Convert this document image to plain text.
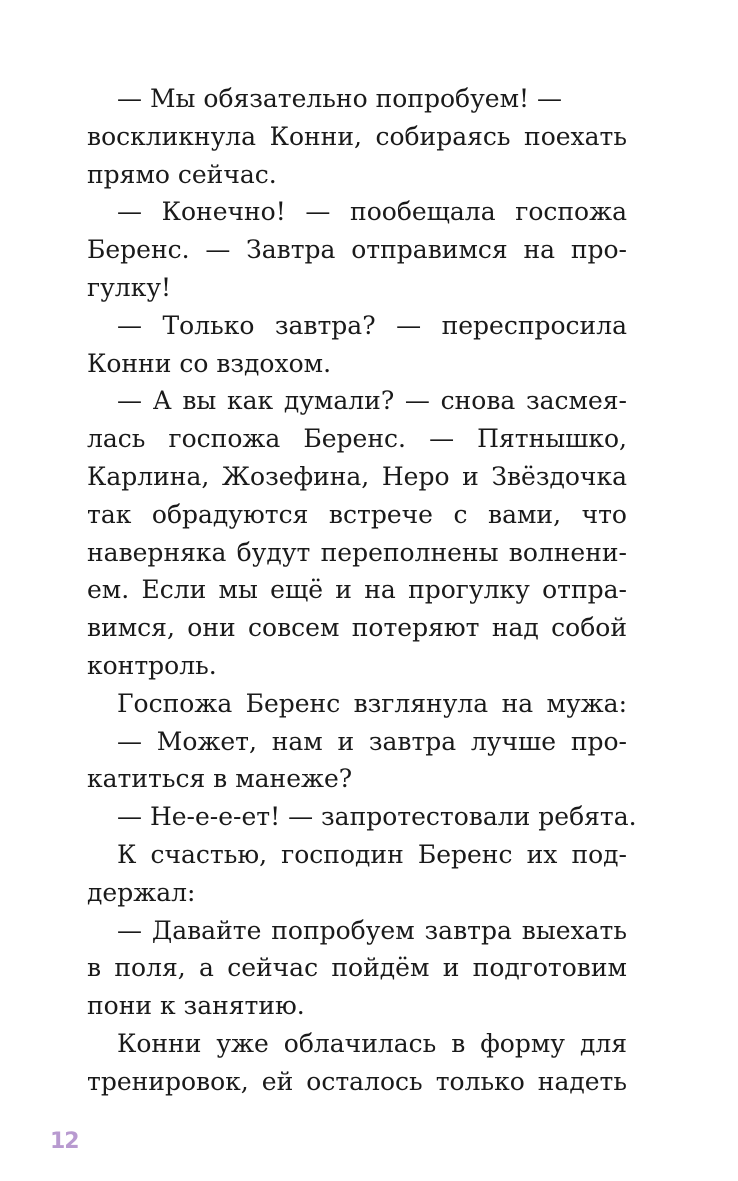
— Мы обязательно попробуем! —
воскликнула Конни, собираясь поехать
прямо сейчас.
— Конечно! — пообещала госпожа
Беренс. — Завтра отправимся на про-
гулку!
— Только завтра? — переспросила
Конни со вздохом.
— А вы как думали? — снова засмея-
лась госпожа Беренс. — Пятнышко,
Карлина, Жозефина, Неро и Звёздочка
так обрадуются встрече с вами, что
наверняка будут переполнены волнени-
ем. Если мы ещё и на прогулку отпра-
вимся, они совсем потеряют над собой
контроль.
Госпожа Беренс взглянула на мужа:
— Может, нам и завтра лучше про-
катиться в манеже?
— Не-е-е-ет! — запротестовали ребята.
К счастью, господин Беренс их под-
держал:
— Давайте попробуем завтра выехать
в поля, а сейчас пойдём и подготовим
пони к занятию.
Конни уже облачилась в форму для
тренировок, ей осталось только надеть
12
